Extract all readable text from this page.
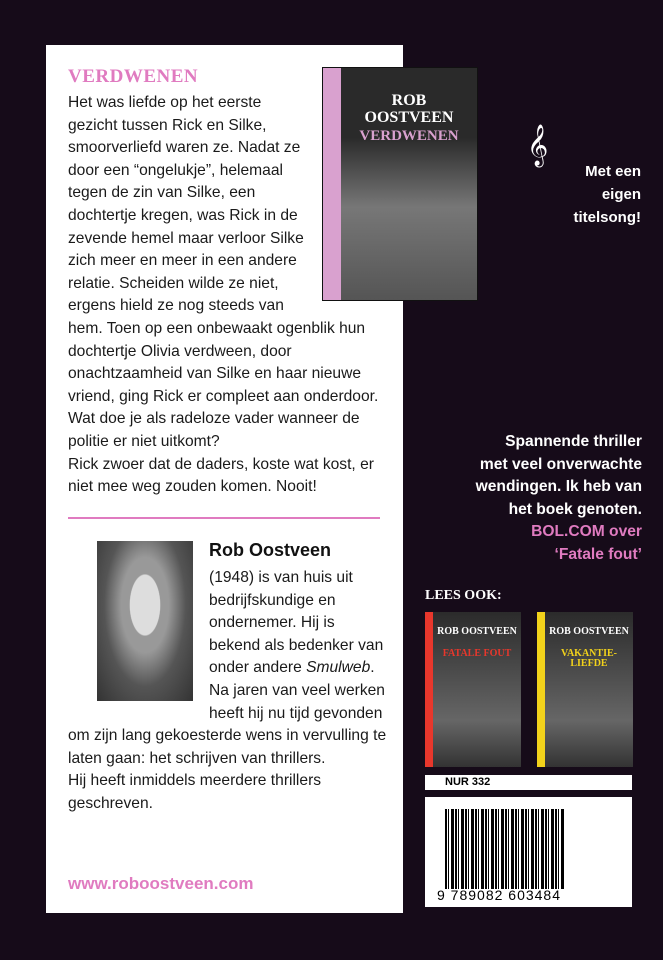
VERDWENEN
Het was liefde op het eerste gezicht tussen Rick en Silke, smoorverliefd waren ze. Nadat ze door een “ongelukje”, helemaal tegen de zin van Silke, een dochtertje kregen, was Rick in de zevende hemel maar verloor Silke zich meer en meer in een andere relatie. Scheiden wilde ze niet, ergens hield ze nog steeds van hem. Toen op een onbewaakt ogenblik hun dochtertje Olivia verdween, door onachtzaamheid van Silke en haar nieuwe vriend, ging Rick er compleet aan onderdoor. Wat doe je als radeloze vader wanneer de politie er niet uitkomt?
Rick zwoer dat de daders, koste wat kost, er niet mee weg zouden komen. Nooit!
Rob Oostveen
(1948) is van huis uit bedrijfskundige en ondernemer. Hij is bekend als bedenker van onder andere Smulweb. Na jaren van veel werken heeft hij nu tijd gevonden om zijn lang gekoesterde wens in vervulling te laten gaan: het schrijven van thrillers.
Hij heeft inmiddels meerdere thrillers geschreven.
www.roboostveen.com
ROB
OOSTVEEN
VERDWENEN	𝄞
Met een
eigen
titelsong!
Spannende thriller
met veel onverwachte
wendingen. Ik heb van
het boek genoten.
BOL.COM over
‘Fatale fout’
LEES OOK:
ROB OOSTVEEN
FATALE FOUT
ROB OOSTVEEN
VAKANTIE-LIEFDE
NUR 332
9 789082 603484
